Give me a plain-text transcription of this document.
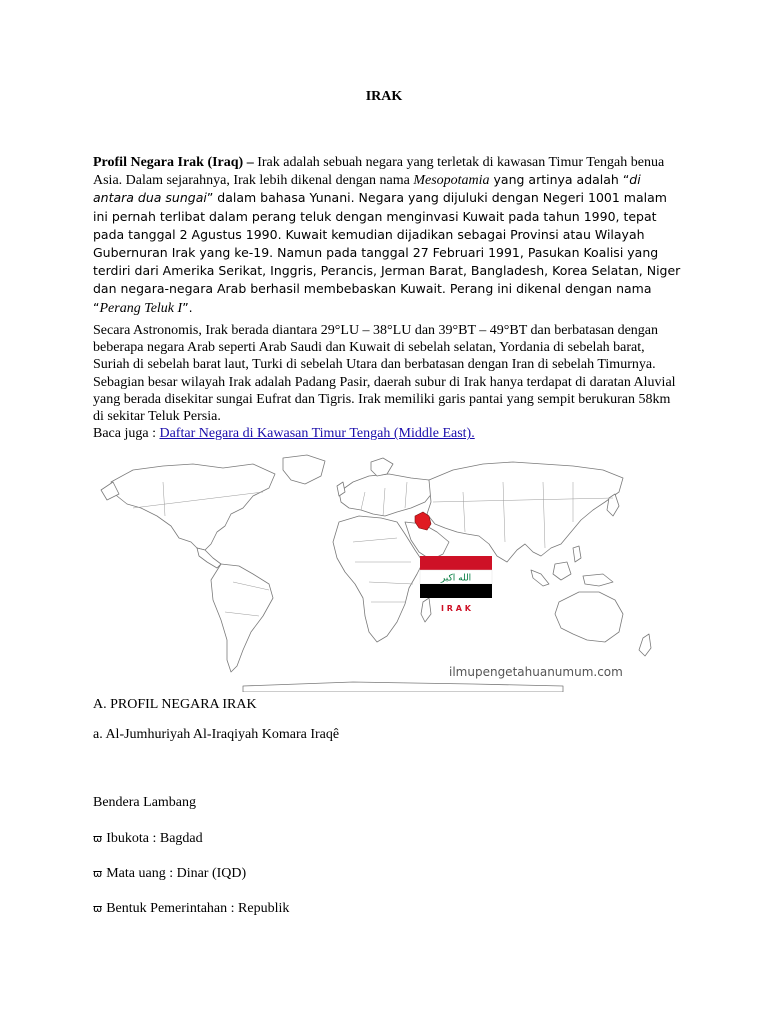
IRAK

Profil Negara Irak (Iraq) – Irak adalah sebuah negara yang terletak di kawasan Timur Tengah benua Asia. Dalam sejarahnya, Irak lebih dikenal dengan nama Mesopotamia yang artinya adalah “di antara dua sungai” dalam bahasa Yunani. Negara yang dijuluki dengan Negeri 1001 malam ini pernah terlibat dalam perang teluk dengan menginvasi Kuwait pada tahun 1990, tepat pada tanggal 2 Agustus 1990. Kuwait kemudian dijadikan sebagai Provinsi atau Wilayah Gubernuran Irak yang ke-19. Namun pada tanggal 27 Februari 1991, Pasukan Koalisi yang terdiri dari Amerika Serikat, Inggris, Perancis, Jerman Barat, Bangladesh, Korea Selatan, Niger dan negara-negara Arab berhasil membebaskan Kuwait. Perang ini dikenal dengan nama “Perang Teluk I”.

Secara Astronomis, Irak berada diantara 29°LU – 38°LU dan 39°BT – 49°BT dan berbatasan dengan beberapa negara Arab seperti Arab Saudi dan Kuwait di sebelah selatan, Yordania di sebelah barat, Suriah di sebelah barat laut, Turki di sebelah Utara dan berbatasan dengan Iran di sebelah Timurnya. Sebagian besar wilayah Irak adalah Padang Pasir, daerah subur di Irak hanya terdapat di daratan Aluvial yang berada disekitar sungai Eufrat dan Tigris. Irak memiliki garis pantai yang sempit berukuran 58km di sekitar Teluk Persia.

Baca juga : Daftar Negara di Kawasan Timur Tengah (Middle East).

الله اكبر
I R A K
ilmupengetahuanumum.com
A. PROFIL NEGARA IRAK
a. Al-Jumhuriyah Al-Iraqiyah Komara Iraqê
Bendera Lambang
ϖ Ibukota : Bagdad
ϖ Mata uang : Dinar (IQD)
ϖ Bentuk Pemerintahan : Republik
